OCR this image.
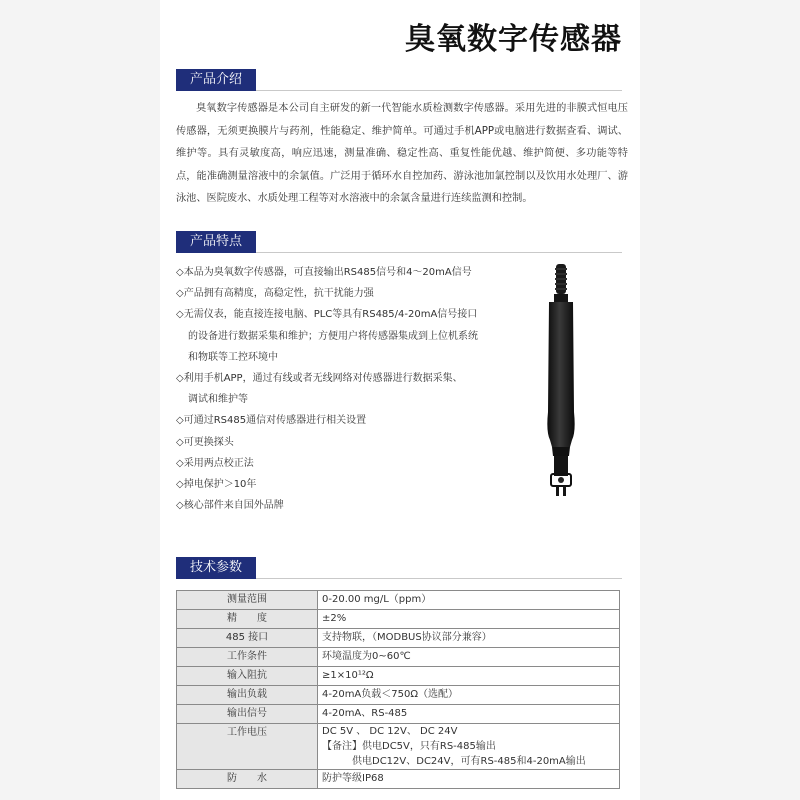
臭氧数字传感器
产品介绍
臭氧数字传感器是本公司自主研发的新一代智能水质检测数字传感器。采用先进的非膜式恒电压传感器，无须更换膜片与药剂，性能稳定、维护简单。可通过手机APP或电脑进行数据查看、调试、维护等。具有灵敏度高，响应迅速，测量准确、稳定性高、重复性能优越、维护简便、多功能等特点，能准确测量溶液中的余氯值。广泛用于循环水自控加药、游泳池加氯控制以及饮用水处理厂、游泳池、医院废水、水质处理工程等对水溶液中的余氯含量进行连续监测和控制。
产品特点
◇本品为臭氧数字传感器，可直接输出RS485信号和4～20mA信号
◇产品拥有高精度，高稳定性，抗干扰能力强
◇无需仪表，能直接连接电脑、PLC等具有RS485/4-20mA信号接口
的设备进行数据采集和维护；方便用户将传感器集成到上位机系统
和物联等工控环境中
◇利用手机APP，通过有线或者无线网络对传感器进行数据采集、
调试和维护等
◇可通过RS485通信对传感器进行相关设置
◇可更换探头
◇采用两点校正法
◇掉电保护＞10年
◇核心部件来自国外品牌
技术参数
测量范围	0-20.00 mg/L（ppm）
精　　度	±2%
485 接口	支持物联，（MODBUS协议部分兼容）
工作条件	环境温度为0~60℃
输入阻抗	≥1×10¹²Ω
输出负载	4-20mA负载＜750Ω（选配）
输出信号	4-20mA、RS-485
工作电压	DC 5V 、 DC 12V、 DC 24V
【备注】供电DC5V，只有RS-485输出
　　　供电DC12V、DC24V，可有RS-485和4-20mA输出

防　　水	防护等级IP68
